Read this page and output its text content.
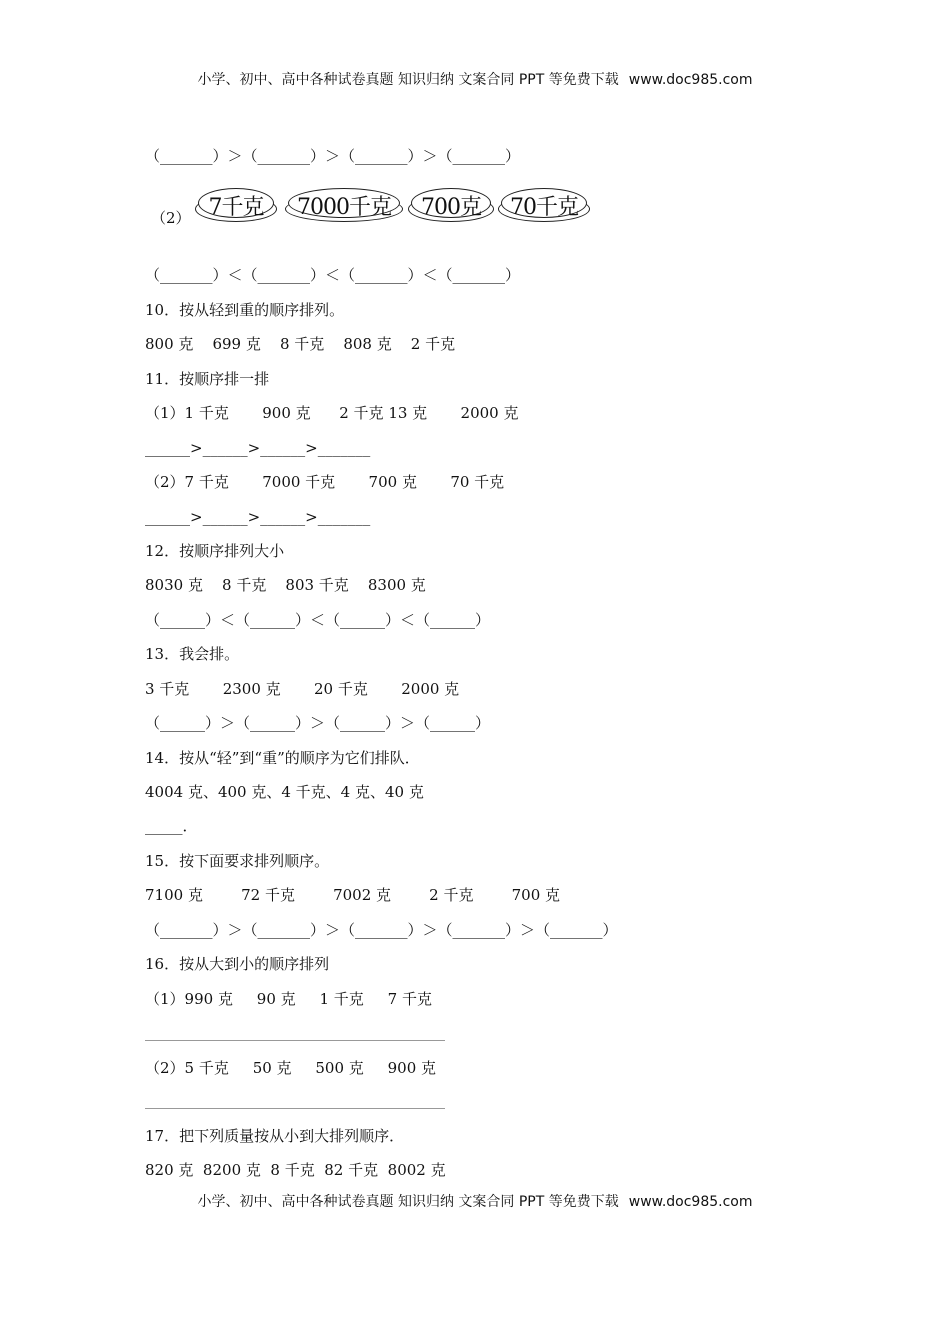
小学、初中、高中各种试卷真题 知识归纳 文案合同 PPT 等免费下载 www.doc985.com
（_______）＞（_______）＞（_______）＞（_______）
（2） 7千克	7000千克	700克	70千克
（_______）＜（_______）＜（_______）＜（_______）
10．按从轻到重的顺序排列。
800 克    699 克    8 千克    808 克    2 千克
11．按顺序排一排
（1）1 千克       900 克      2 千克 13 克       2000 克
______>______>______>_______
（2）7 千克       7000 千克       700 克       70 千克
______>______>______>_______
12．按顺序排列大小
8030 克    8 千克    803 千克    8300 克
（______）＜（______）＜（______）＜（______）
13．我会排。
3 千克       2300 克       20 千克       2000 克
（______）＞（______）＞（______）＞（______）
14．按从“轻”到“重”的顺序为它们排队．
4004 克、400 克、4 千克、4 克、40 克
_____．
15．按下面要求排列顺序。
7100 克        72 千克        7002 克        2 千克        700 克
（_______）＞（_______）＞（_______）＞（_______）＞（_______）
16．按从大到小的顺序排列
（1）990 克     90 克     1 千克     7 千克
（2）5 千克     50 克     500 克     900 克
17．把下列质量按从小到大排列顺序．
820 克  8200 克  8 千克  82 千克  8002 克
小学、初中、高中各种试卷真题 知识归纳 文案合同 PPT 等免费下载 www.doc985.com
